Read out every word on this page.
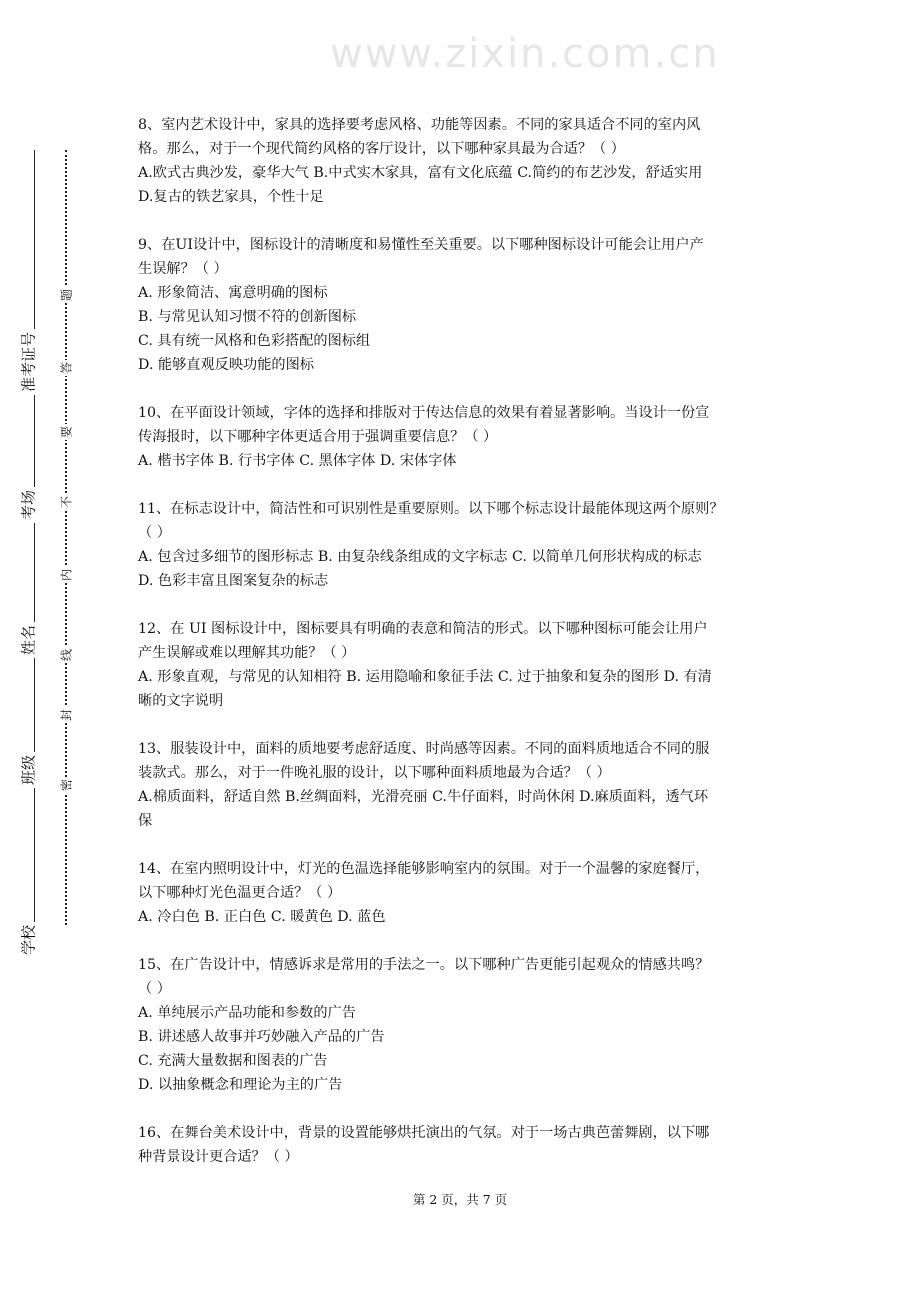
www.zixin.com.cn
学校
班级
姓名
考场
准考证号
密
封
线
内
不
要
答
题
8、室内艺术设计中，家具的选择要考虑风格、功能等因素。不同的家具适合不同的室内风
格。那么，对于一个现代简约风格的客厅设计，以下哪种家具最为合适？（ ）
A.欧式古典沙发，豪华大气 B.中式实木家具，富有文化底蕴 C.简约的布艺沙发，舒适实用
D.复古的铁艺家具，个性十足
9、在UI设计中，图标设计的清晰度和易懂性至关重要。以下哪种图标设计可能会让用户产
生误解？（ ）
A. 形象简洁、寓意明确的图标
B. 与常见认知习惯不符的创新图标
C. 具有统一风格和色彩搭配的图标组
D. 能够直观反映功能的图标
10、在平面设计领域，字体的选择和排版对于传达信息的效果有着显著影响。当设计一份宣
传海报时，以下哪种字体更适合用于强调重要信息？（ ）
A. 楷书字体 B. 行书字体 C. 黑体字体 D. 宋体字体
11、在标志设计中，简洁性和可识别性是重要原则。以下哪个标志设计最能体现这两个原则？
（ ）
A. 包含过多细节的图形标志 B. 由复杂线条组成的文字标志 C. 以简单几何形状构成的标志
D. 色彩丰富且图案复杂的标志
12、在 UI 图标设计中，图标要具有明确的表意和简洁的形式。以下哪种图标可能会让用户
产生误解或难以理解其功能？（ ）
A. 形象直观，与常见的认知相符 B. 运用隐喻和象征手法 C. 过于抽象和复杂的图形 D. 有清
晰的文字说明
13、服装设计中，面料的质地要考虑舒适度、时尚感等因素。不同的面料质地适合不同的服
装款式。那么，对于一件晚礼服的设计，以下哪种面料质地最为合适？（ ）
A.棉质面料，舒适自然 B.丝绸面料，光滑亮丽 C.牛仔面料，时尚休闲 D.麻质面料，透气环
保
14、在室内照明设计中，灯光的色温选择能够影响室内的氛围。对于一个温馨的家庭餐厅，
以下哪种灯光色温更合适？（ ）
A. 冷白色 B. 正白色 C. 暖黄色 D. 蓝色
15、在广告设计中，情感诉求是常用的手法之一。以下哪种广告更能引起观众的情感共鸣？
（ ）
A. 单纯展示产品功能和参数的广告
B. 讲述感人故事并巧妙融入产品的广告
C. 充满大量数据和图表的广告
D. 以抽象概念和理论为主的广告
16、在舞台美术设计中，背景的设置能够烘托演出的气氛。对于一场古典芭蕾舞剧，以下哪
种背景设计更合适？（ ）
第 2 页，共 7 页
